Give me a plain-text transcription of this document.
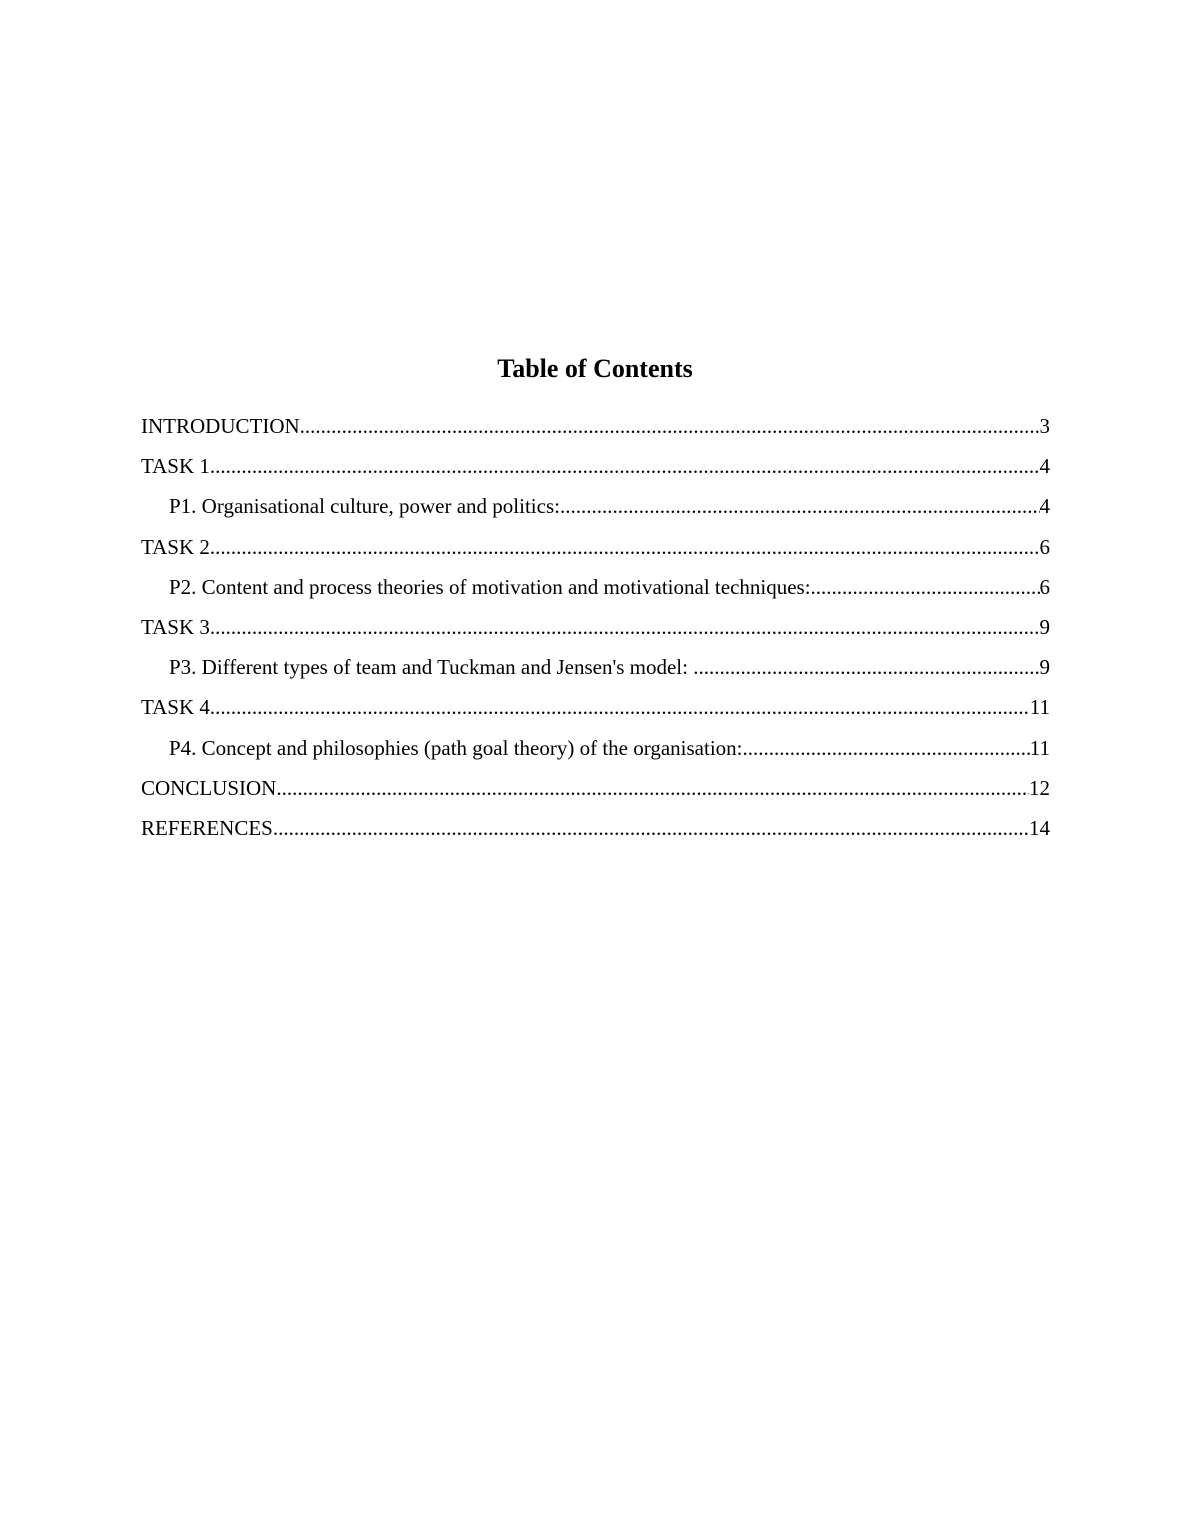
Table of Contents
INTRODUCTION .....	3
TASK 1 .....	4
P1. Organisational culture, power and politics: .....	4
TASK 2 .....	6
P2. Content and process theories of motivation and motivational techniques: .....	6
TASK 3 .....	9
P3. Different types of team and Tuckman and Jensen's model: .....	9
TASK 4 .....	11
P4. Concept and philosophies (path goal theory) of the organisation: .....	11
CONCLUSION .....	12
REFERENCES .....	14
